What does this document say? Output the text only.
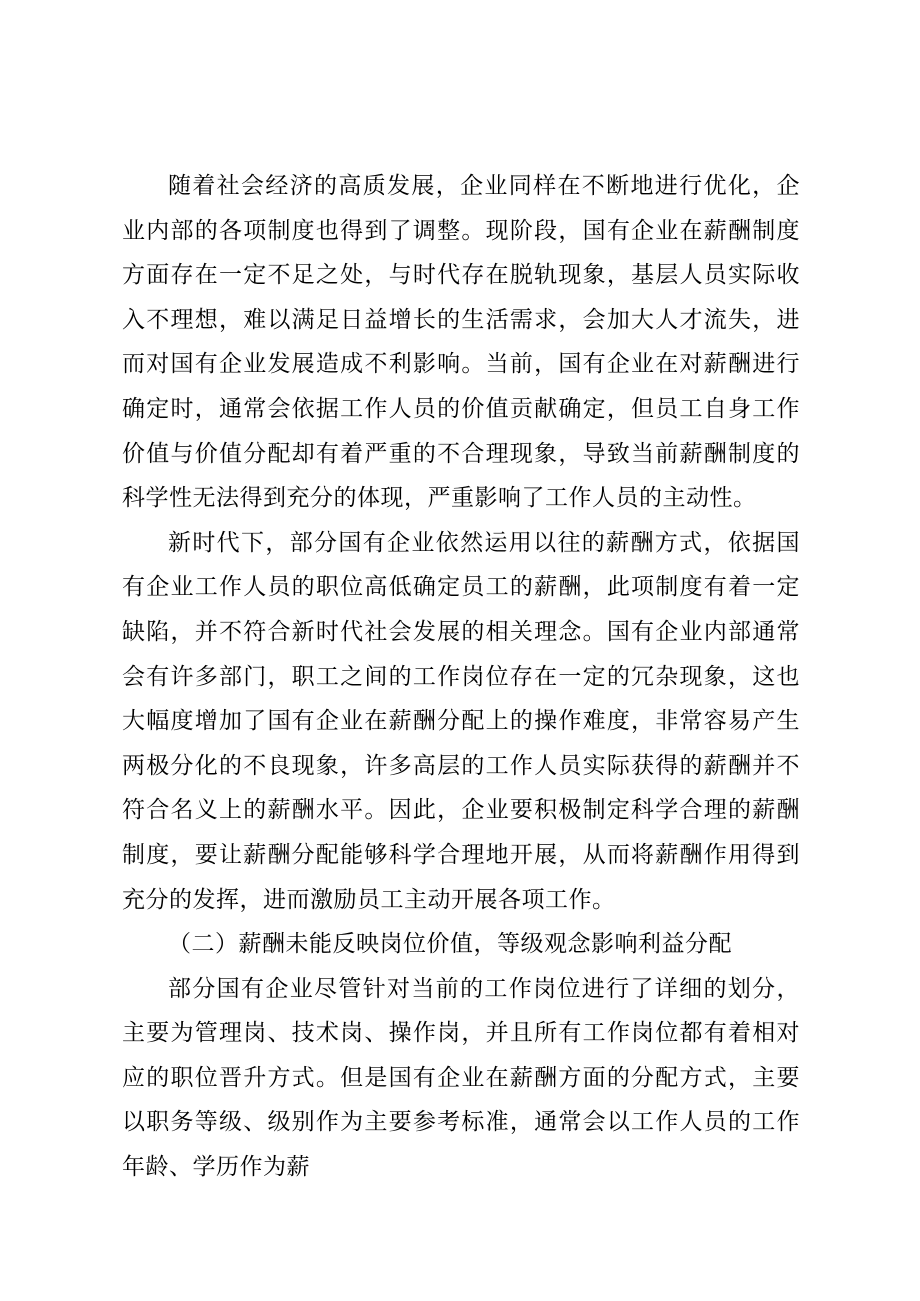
随着社会经济的高质发展，企业同样在不断地进行优化，企业内部的各项制度也得到了调整。现阶段，国有企业在薪酬制度方面存在一定不足之处，与时代存在脱轨现象，基层人员实际收入不理想，难以满足日益增长的生活需求，会加大人才流失，进而对国有企业发展造成不利影响。当前，国有企业在对薪酬进行确定时，通常会依据工作人员的价值贡献确定，但员工自身工作价值与价值分配却有着严重的不合理现象，导致当前薪酬制度的科学性无法得到充分的体现，严重影响了工作人员的主动性。

新时代下，部分国有企业依然运用以往的薪酬方式，依据国有企业工作人员的职位高低确定员工的薪酬，此项制度有着一定缺陷，并不符合新时代社会发展的相关理念。国有企业内部通常会有许多部门，职工之间的工作岗位存在一定的冗杂现象，这也大幅度增加了国有企业在薪酬分配上的操作难度，非常容易产生两极分化的不良现象，许多高层的工作人员实际获得的薪酬并不符合名义上的薪酬水平。因此，企业要积极制定科学合理的薪酬制度，要让薪酬分配能够科学合理地开展，从而将薪酬作用得到充分的发挥，进而激励员工主动开展各项工作。

（二）薪酬未能反映岗位价值，等级观念影响利益分配

部分国有企业尽管针对当前的工作岗位进行了详细的划分，主要为管理岗、技术岗、操作岗，并且所有工作岗位都有着相对应的职位晋升方式。但是国有企业在薪酬方面的分配方式，主要以职务等级、级别作为主要参考标准，通常会以工作人员的工作年龄、学历作为薪
